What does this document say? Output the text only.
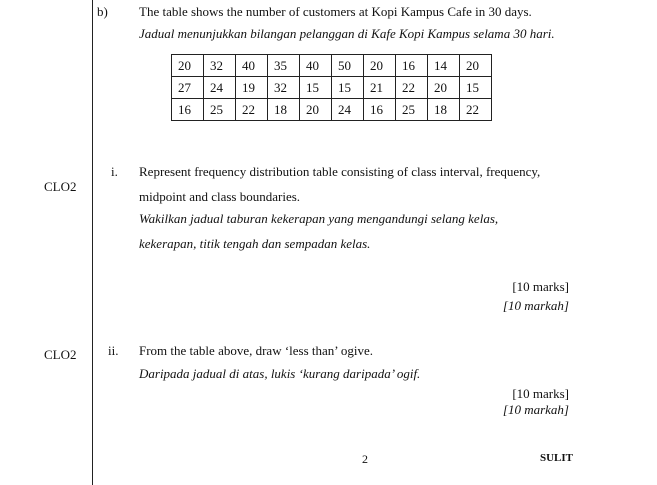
b) The table shows the number of customers at Kopi Kampus Cafe in 30 days.
Jadual menunjukkan bilangan pelanggan di Kafe Kopi Kampus selama 30 hari.
20	32	40	35	40	50	20	16	14	20
27	24	19	32	15	15	21	22	20	15
16	25	22	18	20	24	16	25	18	22
CLO2
i. Represent frequency distribution table consisting of class interval, frequency,
midpoint and class boundaries.
Wakilkan jadual taburan kekerapan yang mengandungi selang kelas,
kekerapan, titik tengah dan sempadan kelas.
[10 marks]
[10 markah]
CLO2 ii. From the table above, draw ‘less than’ ogive.
Daripada jadual di atas, lukis ‘kurang daripada’ ogif.
[10 marks]
[10 markah]
2	SULIT
